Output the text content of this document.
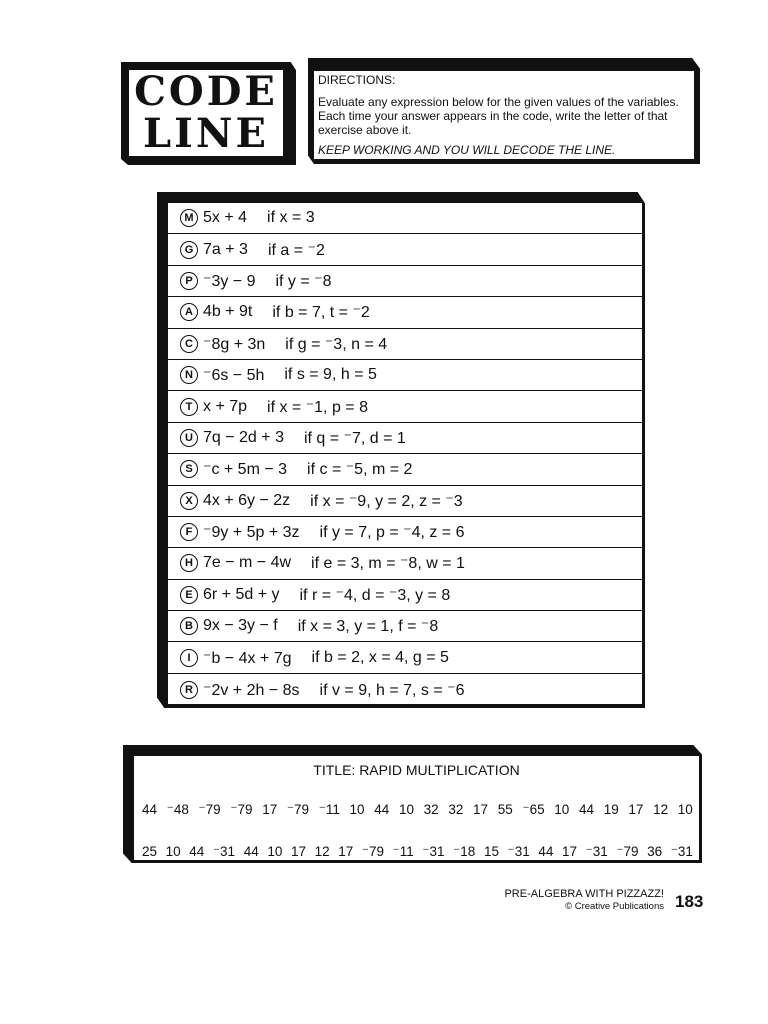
CODE
LINE
DIRECTIONS:
Evaluate any expression below for the given values of the variables. Each time your answer appears in the code, write the letter of that exercise above it.
KEEP WORKING AND YOU WILL DECODE THE LINE.
M 5x + 4 if x = 3
G 7a + 3 if a = ⁻2
P ⁻3y − 9 if y = ⁻8
A 4b + 9t if b = 7, t = ⁻2
C ⁻8g + 3n if g = ⁻3, n = 4
N ⁻6s − 5h if s = 9, h = 5
T x + 7p if x = ⁻1, p = 8
U 7q − 2d + 3 if q = ⁻7, d = 1
S ⁻c + 5m − 3 if c = ⁻5, m = 2
X 4x + 6y − 2z if x = ⁻9, y = 2, z = ⁻3
F ⁻9y + 5p + 3z if y = 7, p = ⁻4, z = 6
H 7e − m − 4w if e = 3, m = ⁻8, w = 1
E 6r + 5d + y if r = ⁻4, d = ⁻3, y = 8
B 9x − 3y − f if x = 3, y = 1, f = ⁻8
I ⁻b − 4x + 7g if b = 2, x = 4, g = 5
R ⁻2v + 2h − 8s if v = 9, h = 7, s = ⁻6
TITLE: RAPID MULTIPLICATION
44 ⁻48 ⁻79 ⁻79 17 ⁻79 ⁻11 10 44 10 32 32 17 55 ⁻65 10 44 19 17 12 10
25 10 44 ⁻31 44 10 17 12 17 ⁻79 ⁻11 ⁻31 ⁻18 15 ⁻31 44 17 ⁻31 ⁻79 36 ⁻31
PRE-ALGEBRA WITH PIZZAZZ!
© Creative Publications 183
